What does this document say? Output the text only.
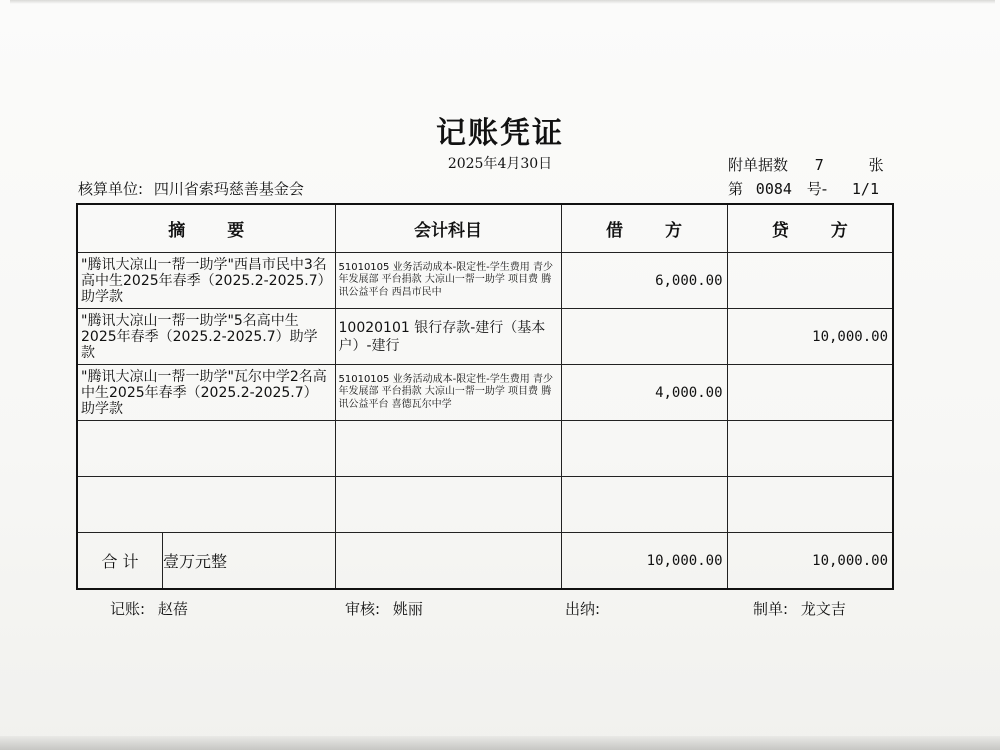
记账凭证
2025年4月30日	附单据数 7	张
核算单位: 四川省索玛慈善基金会	第 0084 号- 1/1
摘 要	会计科目	借 方	贷 方
"腾讯大凉山一帮一助学"西昌市民中3名高中生2025年春季（2025.2-2025.7）助学款	51010105 业务活动成本-限定性-学生费用 青少年发展部 平台捐款 大凉山一帮一助学 项目费 腾讯公益平台 西昌市民中	6,000.00	
"腾讯大凉山一帮一助学"5名高中生2025年春季（2025.2-2025.7）助学款	10020101 银行存款-建行（基本户）-建行		10,000.00
"腾讯大凉山一帮一助学"瓦尔中学2名高中生2025年春季（2025.2-2025.7）助学款	51010105 业务活动成本-限定性-学生费用 青少年发展部 平台捐款 大凉山一帮一助学 项目费 腾讯公益平台 喜德瓦尔中学	4,000.00	

合 计 壹万元整		10,000.00	10,000.00
记账: 赵蓓	审核: 姚丽	出纳:	制单: 龙文吉
